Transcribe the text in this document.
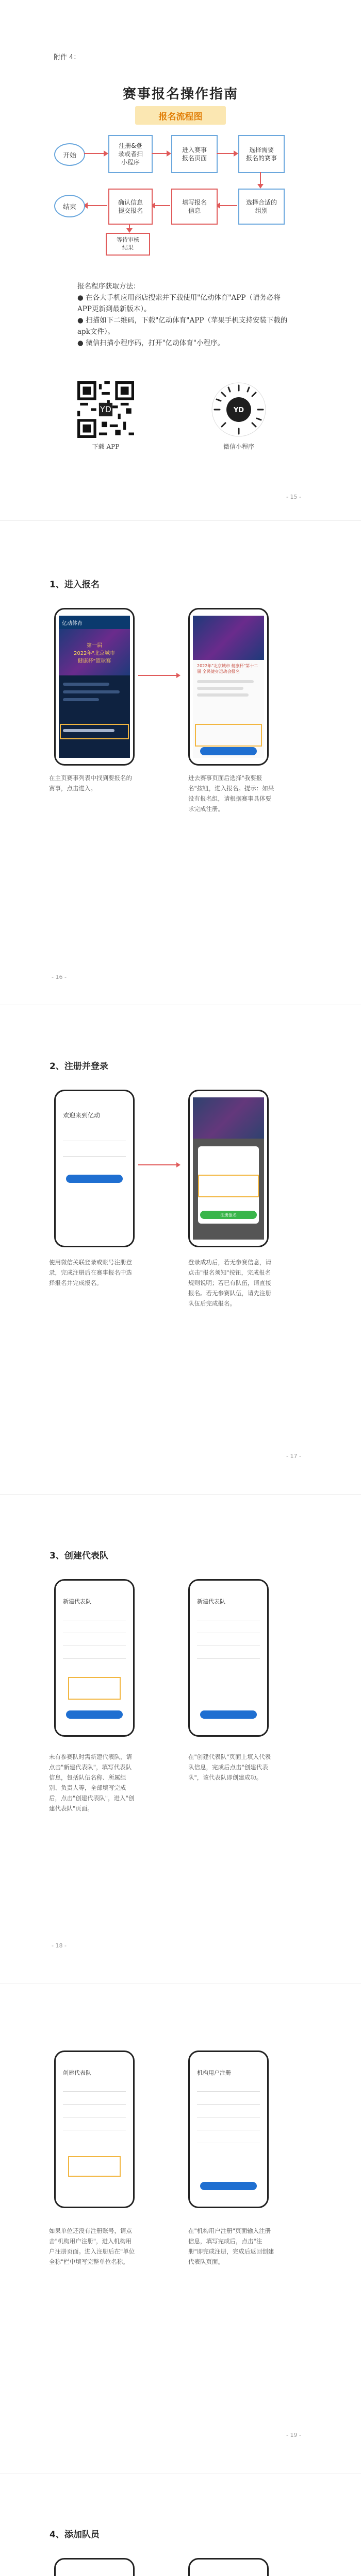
附件 4：
赛事报名操作指南
报名流程图
开始
注册&登
录或者扫
小程序
进入赛事
报名页面
选择需要
报名的赛事
选择合适的
组别
填写报名
信息
确认信息
提交报名
结束
等待审核
结果

报名程序获取方法：

● 在各大手机应用商店搜索并下载使用"亿动体育"APP（请务必将APP更新到最新版本）。

● 扫描如下二维码，下载"亿动体育"APP（苹果手机支持安装下载的apk文件）。

● 微信扫描小程序码，打开"亿动体育"小程序。

YD
下载 APP
YD
微信小程序
- 15 -
1、进入报名
亿动体育
第一届
2022年"北京城市
健康杯"篮球赛
2022年"北京城市 健康杯"第十二届 全民健身运动会报名
在主页赛事列表中找到要报名的赛事，点击进入。
进去赛事页面后选择"我要报名"按钮，进入报名。提示：如果没有报名组，请根据赛事具体要求完成注册。
- 16 -
2、注册并登录
欢迎来到亿动
注册报名
使用微信关联登录或账号注册登录，完成注册后在赛事报名中选择报名并完成报名。
登录成功后，若无参赛信息，请点击"报名须知"按钮，完成报名规则说明；若已有队伍，请直接报名。若无参赛队伍，请先注册队伍后完成报名。
- 17 -
3、创建代表队
新建代表队	新建代表队
未有参赛队时需新建代表队，请点击"新建代表队"，填写代表队信息，包括队伍名称、所属组别、负责人等，全部填写完成后，点击"创建代表队"，进入"创建代表队"页面。
在"创建代表队"页面上填入代表队信息，完成后点击"创建代表队"，该代表队即创建成功。
- 18 -
创建代表队	机构用户注册
如果单位还没有注册账号，请点击"机构用户注册"，进入机构用户注册页面。进入注册后在"单位全称"栏中填写完整单位名称。
在"机构用户注册"页面输入注册信息，填写完成后，点击"注册"即完成注册，完成后返回创建代表队页面。
- 19 -
4、添加队员
